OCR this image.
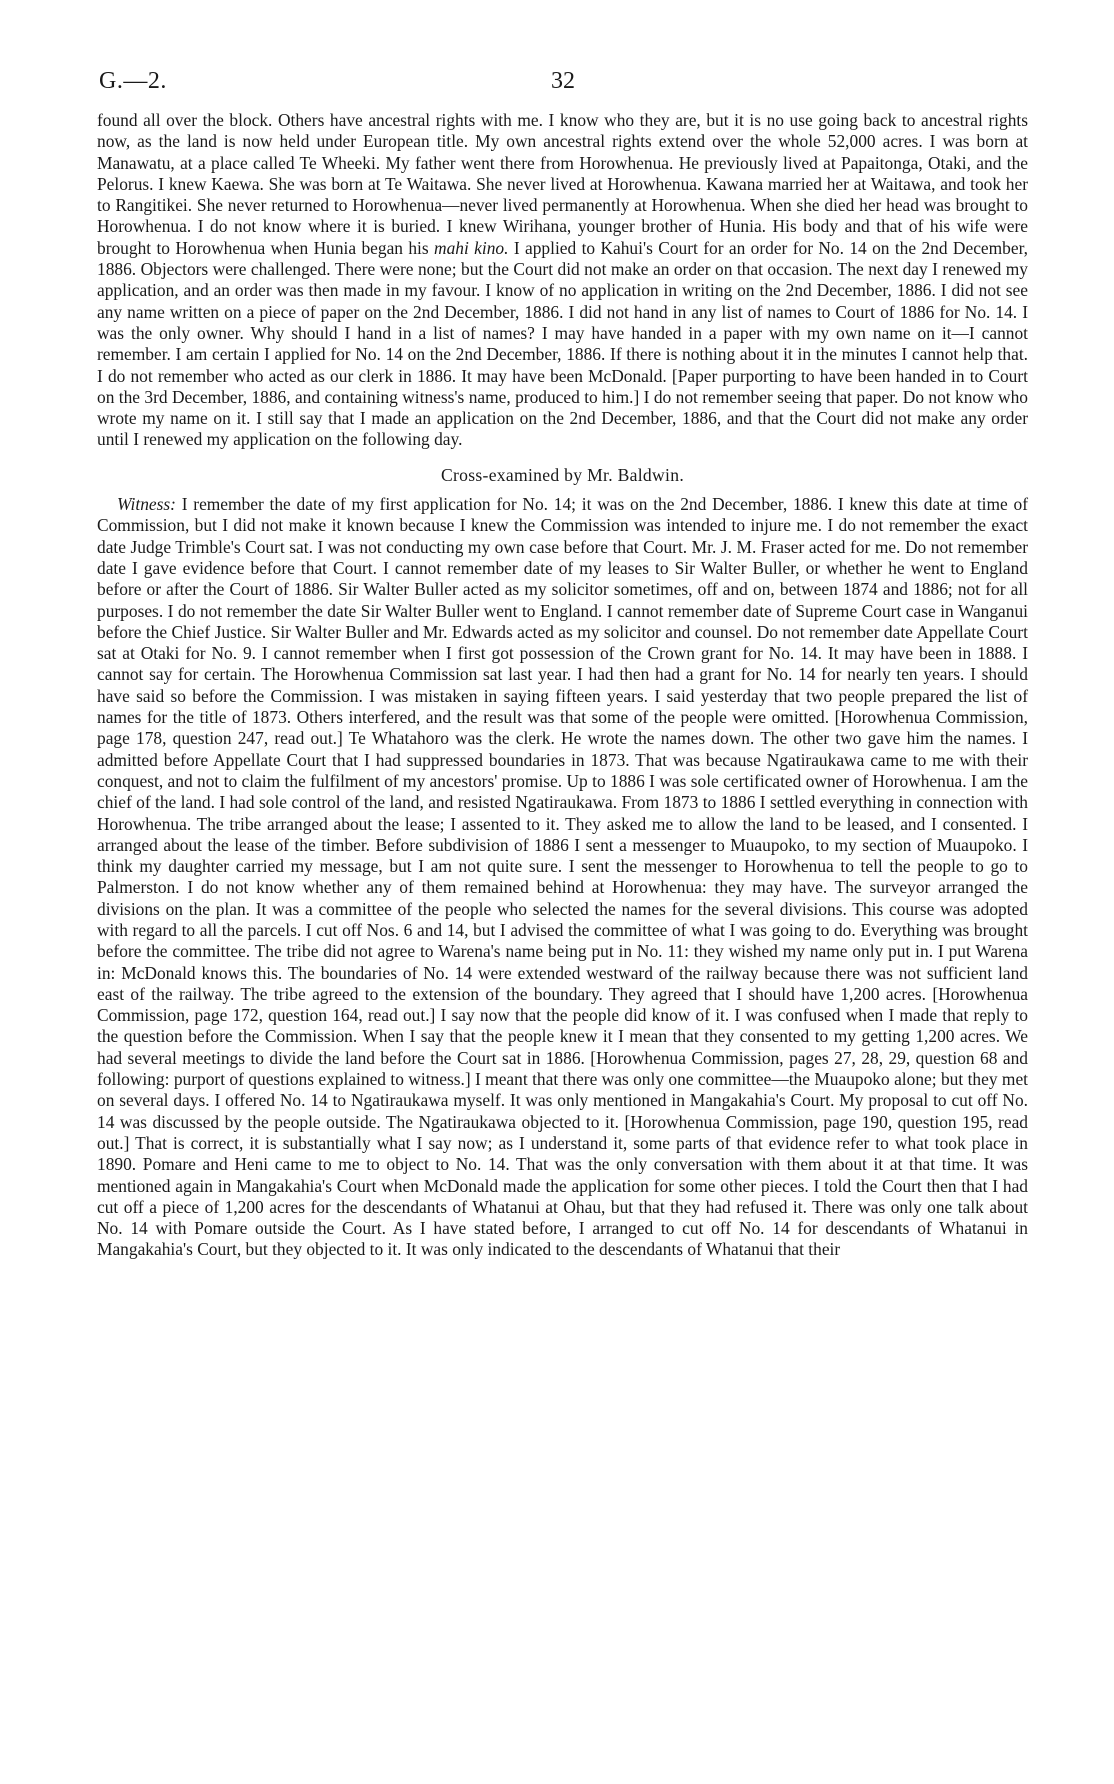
G.—2.	32

found all over the block. Others have ancestral rights with me. I know who they are, but it is no use going back to ancestral rights now, as the land is now held under European title. My own ancestral rights extend over the whole 52,000 acres. I was born at Manawatu, at a place called Te Wheeki. My father went there from Horowhenua. He previously lived at Papaitonga, Otaki, and the Pelorus. I knew Kaewa. She was born at Te Waitawa. She never lived at Horowhenua. Kawana married her at Waitawa, and took her to Rangitikei. She never returned to Horowhenua—never lived permanently at Horowhenua. When she died her head was brought to Horowhenua. I do not know where it is buried. I knew Wirihana, younger brother of Hunia. His body and that of his wife were brought to Horowhenua when Hunia began his mahi kino. I applied to Kahui's Court for an order for No. 14 on the 2nd December, 1886. Objectors were challenged. There were none; but the Court did not make an order on that occasion. The next day I renewed my application, and an order was then made in my favour. I know of no application in writing on the 2nd December, 1886. I did not see any name written on a piece of paper on the 2nd December, 1886. I did not hand in any list of names to Court of 1886 for No. 14. I was the only owner. Why should I hand in a list of names? I may have handed in a paper with my own name on it—I cannot remember. I am certain I applied for No. 14 on the 2nd December, 1886. If there is nothing about it in the minutes I cannot help that. I do not remember who acted as our clerk in 1886. It may have been McDonald. [Paper purporting to have been handed in to Court on the 3rd December, 1886, and containing witness's name, produced to him.] I do not remember seeing that paper. Do not know who wrote my name on it. I still say that I made an application on the 2nd December, 1886, and that the Court did not make any order until I renewed my application on the following day.

Cross-examined by Mr. Baldwin.

Witness: I remember the date of my first application for No. 14; it was on the 2nd December, 1886. I knew this date at time of Commission, but I did not make it known because I knew the Commission was intended to injure me. I do not remember the exact date Judge Trimble's Court sat. I was not conducting my own case before that Court. Mr. J. M. Fraser acted for me. Do not remember date I gave evidence before that Court. I cannot remember date of my leases to Sir Walter Buller, or whether he went to England before or after the Court of 1886. Sir Walter Buller acted as my solicitor sometimes, off and on, between 1874 and 1886; not for all purposes. I do not remember the date Sir Walter Buller went to England. I cannot remember date of Supreme Court case in Wanganui before the Chief Justice. Sir Walter Buller and Mr. Edwards acted as my solicitor and counsel. Do not remember date Appellate Court sat at Otaki for No. 9. I cannot remember when I first got possession of the Crown grant for No. 14. It may have been in 1888. I cannot say for certain. The Horowhenua Commission sat last year. I had then had a grant for No. 14 for nearly ten years. I should have said so before the Commission. I was mistaken in saying fifteen years. I said yesterday that two people prepared the list of names for the title of 1873. Others interfered, and the result was that some of the people were omitted. [Horowhenua Commission, page 178, question 247, read out.] Te Whatahoro was the clerk. He wrote the names down. The other two gave him the names. I admitted before Appellate Court that I had suppressed boundaries in 1873. That was because Ngatiraukawa came to me with their conquest, and not to claim the fulfilment of my ancestors' promise. Up to 1886 I was sole certificated owner of Horowhenua. I am the chief of the land. I had sole control of the land, and resisted Ngatiraukawa. From 1873 to 1886 I settled everything in connection with Horowhenua. The tribe arranged about the lease; I assented to it. They asked me to allow the land to be leased, and I consented. I arranged about the lease of the timber. Before subdivision of 1886 I sent a messenger to Muaupoko, to my section of Muaupoko. I think my daughter carried my message, but I am not quite sure. I sent the messenger to Horowhenua to tell the people to go to Palmerston. I do not know whether any of them remained behind at Horowhenua: they may have. The surveyor arranged the divisions on the plan. It was a committee of the people who selected the names for the several divisions. This course was adopted with regard to all the parcels. I cut off Nos. 6 and 14, but I advised the committee of what I was going to do. Everything was brought before the committee. The tribe did not agree to Warena's name being put in No. 11: they wished my name only put in. I put Warena in: McDonald knows this. The boundaries of No. 14 were extended westward of the railway because there was not sufficient land east of the railway. The tribe agreed to the extension of the boundary. They agreed that I should have 1,200 acres. [Horowhenua Commission, page 172, question 164, read out.] I say now that the people did know of it. I was confused when I made that reply to the question before the Commission. When I say that the people knew it I mean that they consented to my getting 1,200 acres. We had several meetings to divide the land before the Court sat in 1886. [Horowhenua Commission, pages 27, 28, 29, question 68 and following: purport of questions explained to witness.] I meant that there was only one committee—the Muaupoko alone; but they met on several days. I offered No. 14 to Ngatiraukawa myself. It was only mentioned in Mangakahia's Court. My proposal to cut off No. 14 was discussed by the people outside. The Ngatiraukawa objected to it. [Horowhenua Commission, page 190, question 195, read out.] That is correct, it is substantially what I say now; as I understand it, some parts of that evidence refer to what took place in 1890. Pomare and Heni came to me to object to No. 14. That was the only conversation with them about it at that time. It was mentioned again in Mangakahia's Court when McDonald made the application for some other pieces. I told the Court then that I had cut off a piece of 1,200 acres for the descendants of Whatanui at Ohau, but that they had refused it. There was only one talk about No. 14 with Pomare outside the Court. As I have stated before, I arranged to cut off No. 14 for descendants of Whatanui in Mangakahia's Court, but they objected to it. It was only indicated to the descendants of Whatanui that their
